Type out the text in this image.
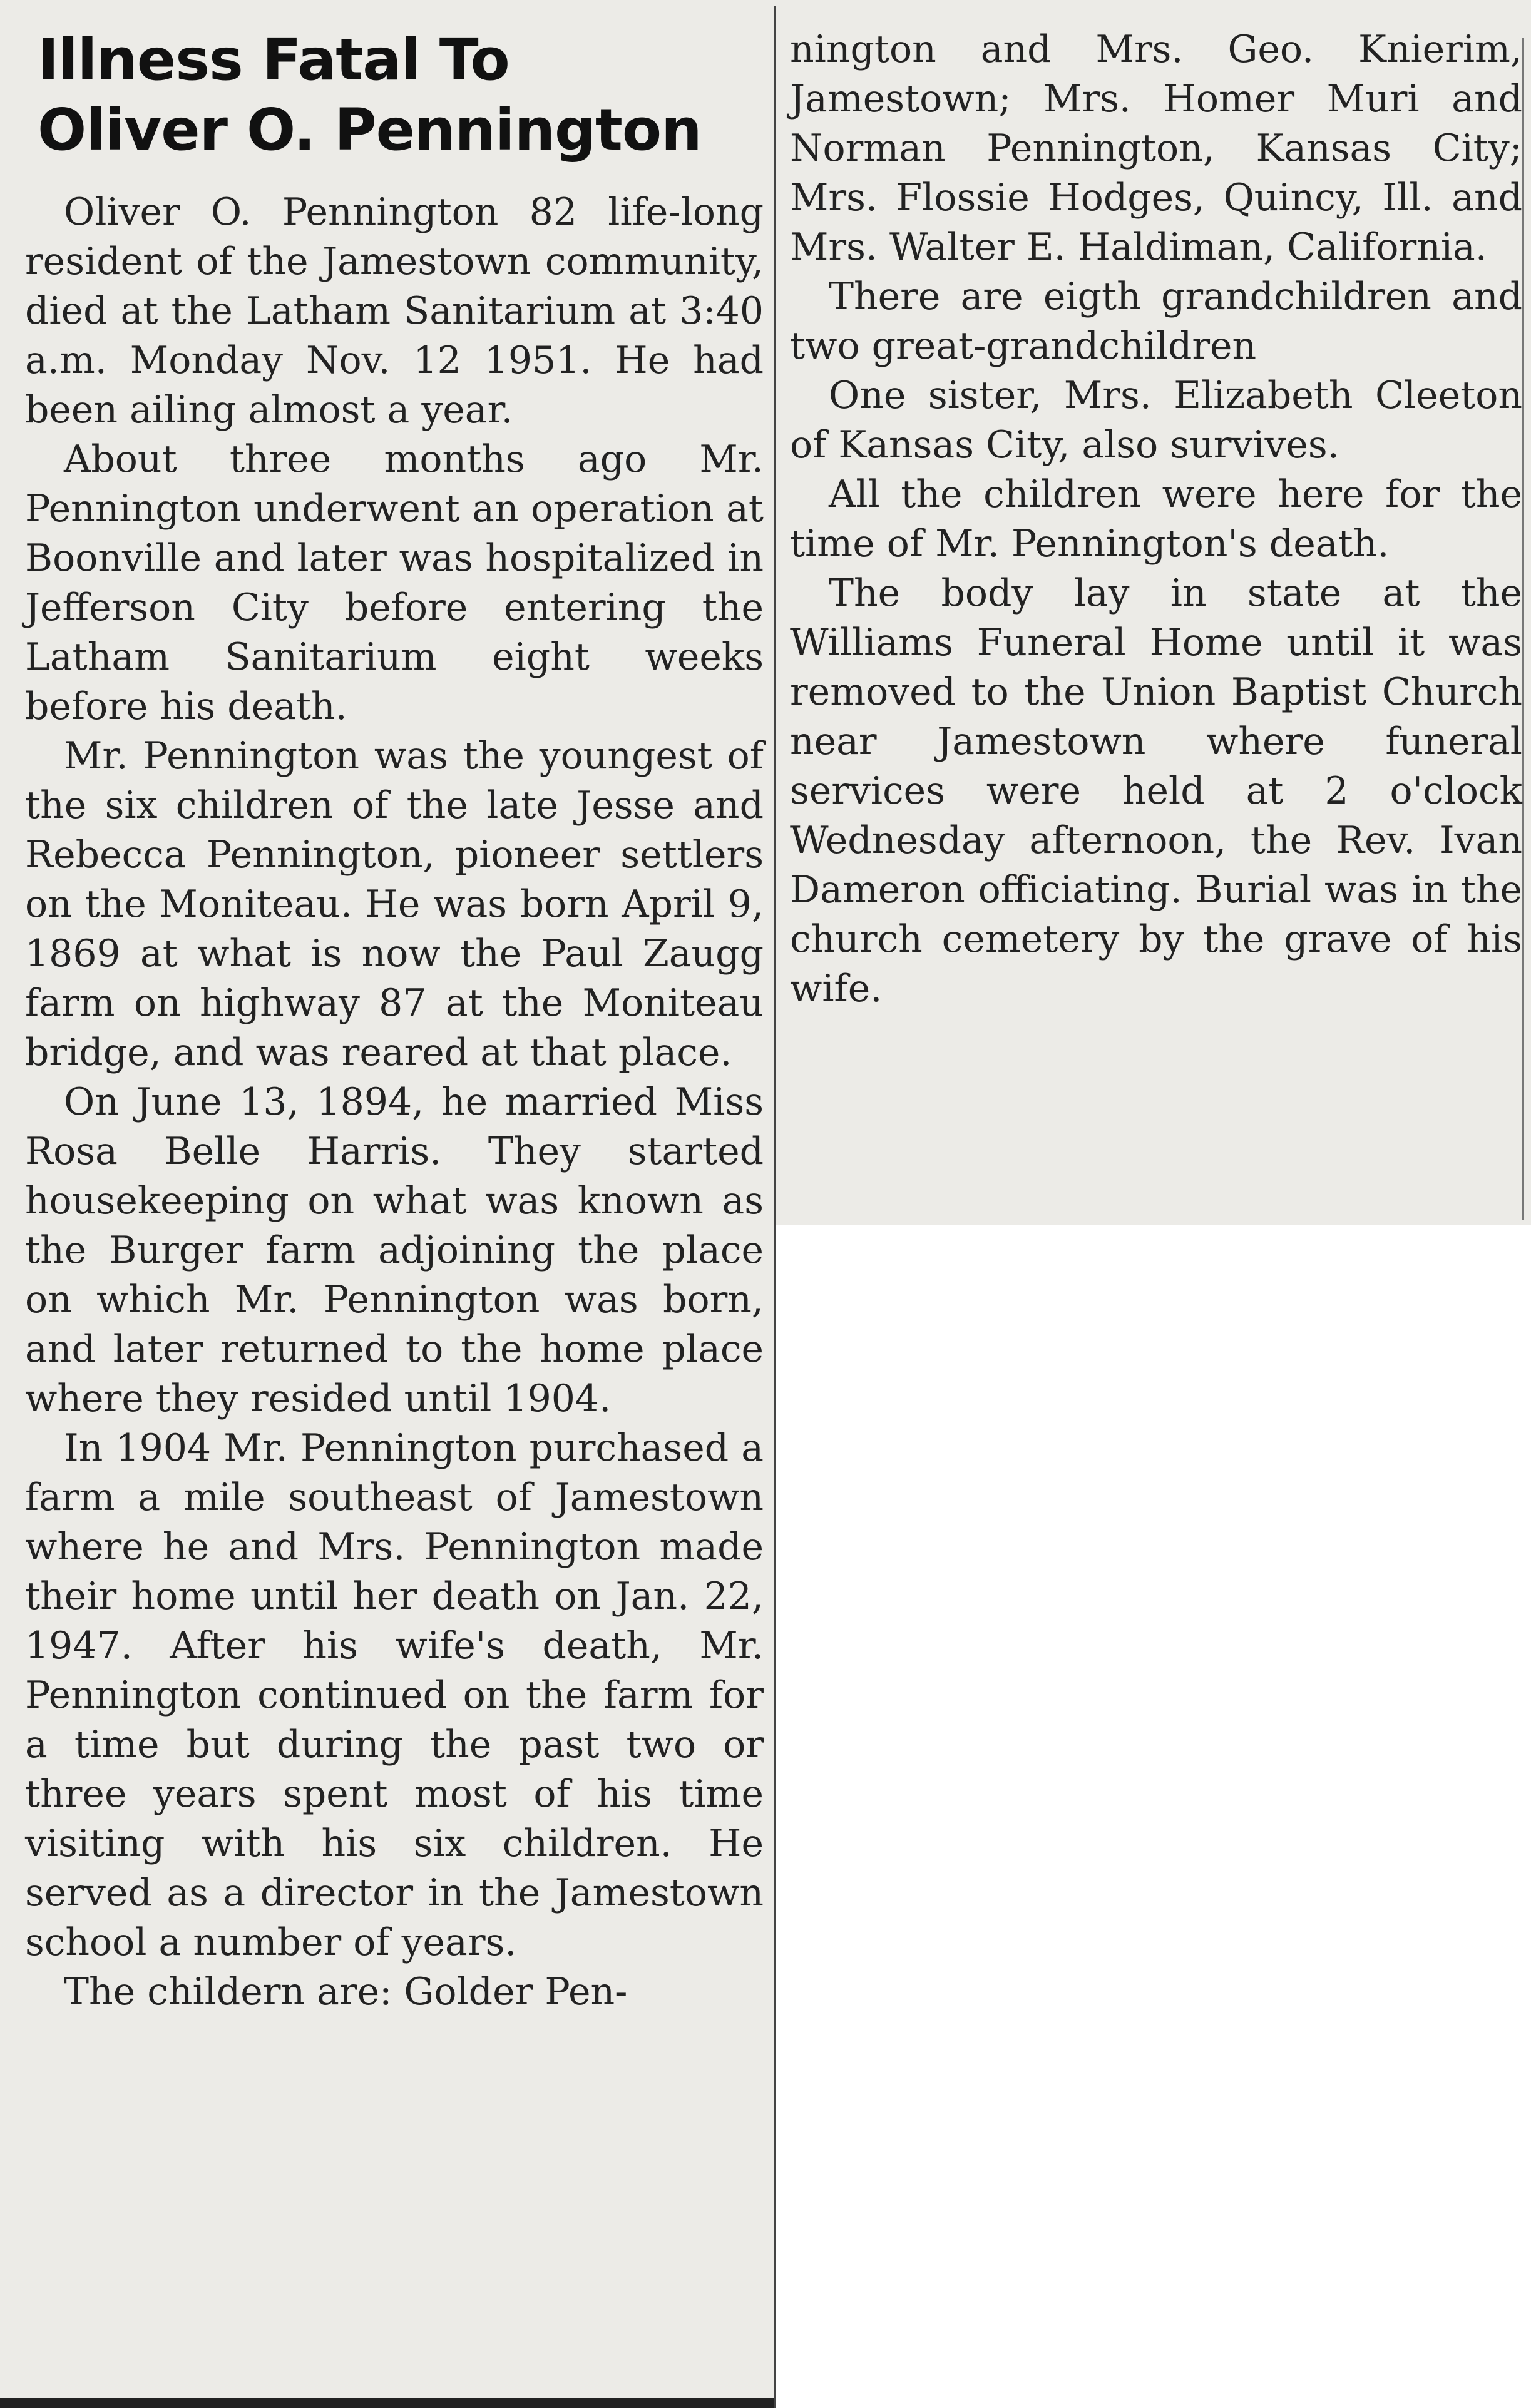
Illness Fatal To
Oliver O. Pennington

Oliver O. Pennington 82 life-long resident of the Jamestown community, died at the Latham Sanitarium at 3:40 a.m. Monday Nov. 12 1951. He had been ailing almost a year.

About three months ago Mr. Pennington underwent an operation at Boonville and later was hospitalized in Jefferson City before entering the Latham Sanitarium eight weeks before his death.

Mr. Pennington was the youngest of the six children of the late Jesse and Rebecca Pennington, pioneer settlers on the Moniteau. He was born April 9, 1869 at what is now the Paul Zaugg farm on highway 87 at the Moniteau bridge, and was reared at that place.

On June 13, 1894, he married Miss Rosa Belle Harris. They started housekeeping on what was known as the Burger farm adjoining the place on which Mr. Pennington was born, and later returned to the home place where they resided until 1904.

In 1904 Mr. Pennington purchased a farm a mile southeast of Jamestown where he and Mrs. Pennington made their home until her death on Jan. 22, 1947. After his wife's death, Mr. Pennington continued on the farm for a time but during the past two or three years spent most of his time visiting with his six children. He served as a director in the Jamestown school a number of years.

The childern are: Golder Pen-

nington and Mrs. Geo. Knierim, Jamestown; Mrs. Homer Muri and Norman Pennington, Kansas City; Mrs. Flossie Hodges, Quincy, Ill. and Mrs. Walter E. Haldiman, California.

There are eigth grandchildren and two great-grandchildren

One sister, Mrs. Elizabeth Cleeton of Kansas City, also survives.

All the children were here for the time of Mr. Pennington's death.

The body lay in state at the Williams Funeral Home until it was removed to the Union Baptist Church near Jamestown where funeral services were held at 2 o'clock Wednesday afternoon, the Rev. Ivan Dameron officiating. Burial was in the church cemetery by the grave of his wife.
